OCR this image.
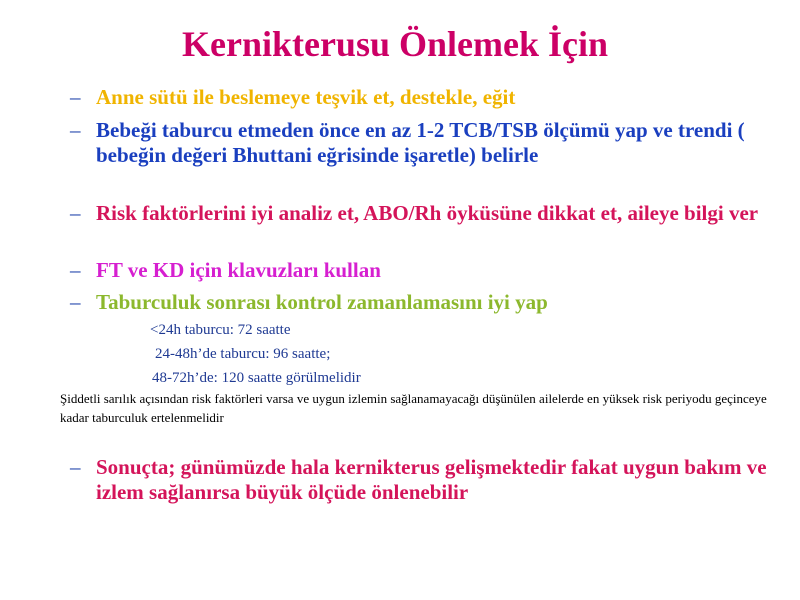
Kernikterusu Önlemek İçin
– Anne sütü ile beslemeye teşvik et, destekle, eğit
– Bebeği taburcu etmeden önce en az 1-2 TCB/TSB ölçümü yap ve trendi ( bebeğin değeri Bhuttani eğrisinde işaretle) belirle
– Risk faktörlerini iyi analiz et, ABO/Rh öyküsüne dikkat et, aileye bilgi ver
– FT ve KD için klavuzları kullan
– Taburculuk sonrası kontrol zamanlamasını iyi yap
<24h taburcu: 72 saatte
24-48h’de taburcu: 96 saatte;
48-72h’de: 120 saatte görülmelidir
Şiddetli sarılık açısından risk faktörleri varsa ve uygun izlemin sağlanamayacağı düşünülen ailelerde en yüksek risk periyodu geçinceye kadar taburculuk ertelenmelidir
– Sonuçta; günümüzde hala kernikterus gelişmektedir fakat uygun bakım ve izlem sağlanırsa büyük ölçüde önlenebilir
